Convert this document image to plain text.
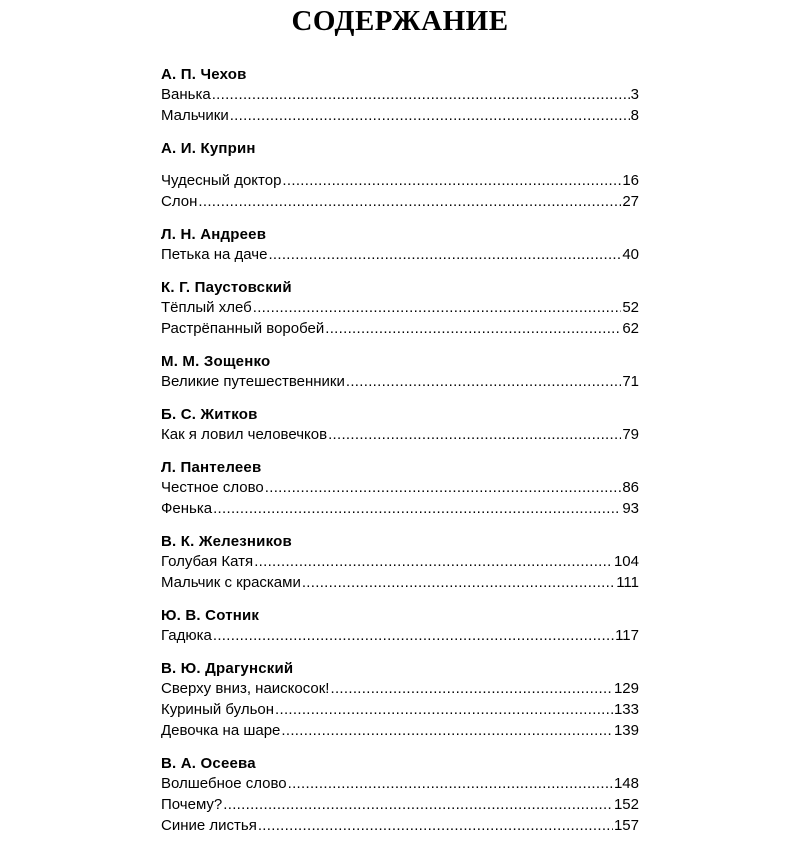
СОДЕРЖАНИЕ
А. П. Чехов
Ванька .....	3
Мальчики .....	8
А. И. Куприн
Чудесный доктор .....	16
Слон .....	27
Л. Н. Андреев
Петька на даче .....	40
К. Г. Паустовский
Тёплый хлеб .....	52
Растрёпанный воробей .....	62
М. М. Зощенко
Великие путешественники .....	71
Б. С. Житков
Как я ловил человечков .....	79
Л. Пантелеев
Честное слово .....	86
Фенька .....	93
В. К. Железников
Голубая Катя .....	104
Мальчик с красками .....	111
Ю. В. Сотник
Гадюка .....	117
В. Ю. Драгунский
Сверху вниз, наискосок! .....	129
Куриный бульон .....	133
Девочка на шаре .....	139
В. А. Осеева
Волшебное слово .....	148
Почему? .....	152
Синие листья .....	157
